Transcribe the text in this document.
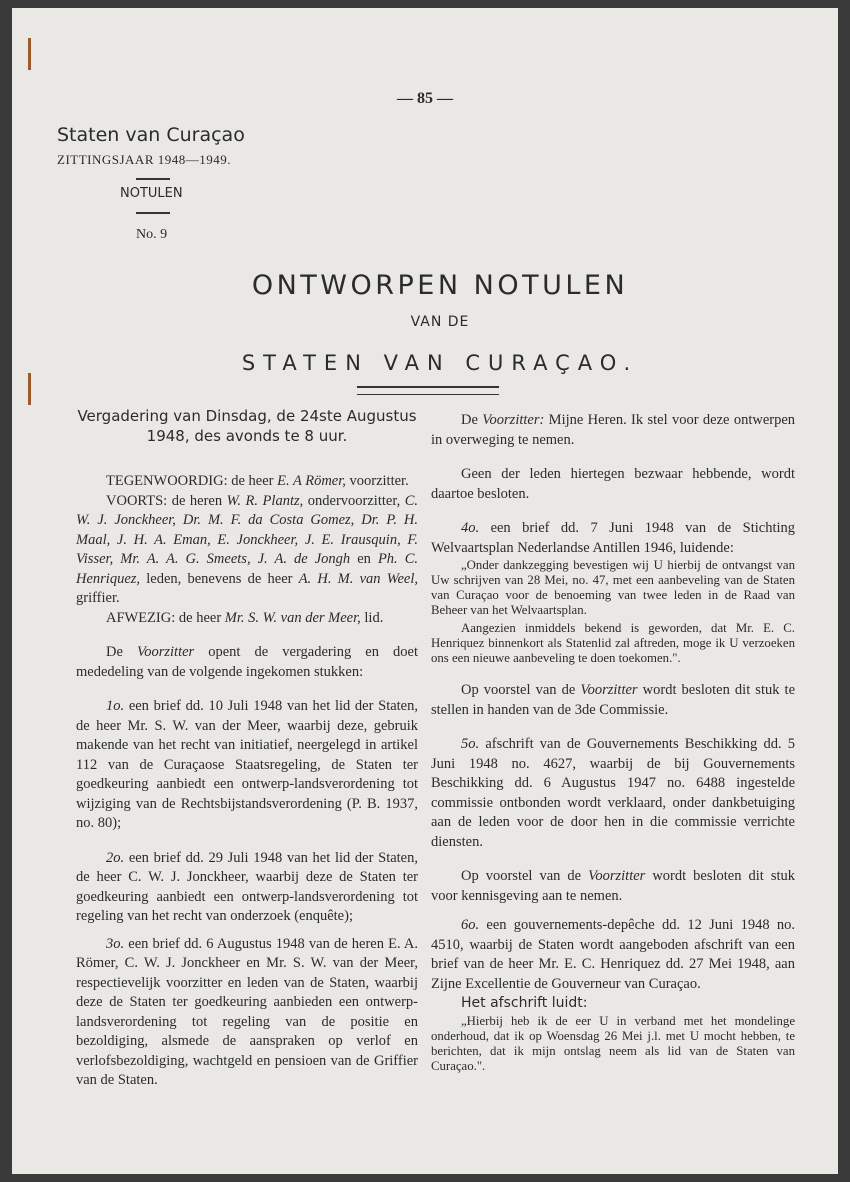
— 85 —
Staten van Curaçao
ZITTINGSJAAR 1948—1949.
NOTULEN
No. 9
ONTWORPEN NOTULEN
VAN DE
STATEN VAN CURAÇAO.

Vergadering van Dinsdag, de 24ste Augustus 1948, des avonds te 8 uur.

TEGENWOORDIG: de heer E. A Römer, voorzitter.

VOORTS: de heren W. R. Plantz, ondervoorzitter, C. W. J. Jonckheer, Dr. M. F. da Costa Gomez, Dr. P. H. Maal, J. H. A. Eman, E. Jonckheer, J. E. Irausquin, F. Visser, Mr. A. A. G. Smeets, J. A. de Jongh en Ph. C. Henriquez, leden, benevens de heer A. H. M. van Weel, griffier.

AFWEZIG: de heer Mr. S. W. van der Meer, lid.

De Voorzitter opent de vergadering en doet mededeling van de volgende ingekomen stukken:

1o. een brief dd. 10 Juli 1948 van het lid der Staten, de heer Mr. S. W. van der Meer, waarbij deze, gebruik makende van het recht van initiatief, neergelegd in artikel 112 van de Curaçaose Staatsregeling, de Staten ter goedkeuring aanbiedt een ontwerp-landsverordening tot wijziging van de Rechtsbijstandsverordening (P. B. 1937, no. 80);

2o. een brief dd. 29 Juli 1948 van het lid der Staten, de heer C. W. J. Jonckheer, waarbij deze de Staten ter goedkeuring aanbiedt een ontwerp-landsverordening tot regeling van het recht van onderzoek (enquête);

3o. een brief dd. 6 Augustus 1948 van de heren E. A. Römer, C. W. J. Jonckheer en Mr. S. W. van der Meer, respectievelijk voorzitter en leden van de Staten, waarbij deze de Staten ter goedkeuring aanbieden een ontwerp-landsverordening tot regeling van de positie en bezoldiging, alsmede de aanspraken op verlof en verlofsbezoldiging, wachtgeld en pensioen van de Griffier van de Staten.

De Voorzitter: Mijne Heren. Ik stel voor deze ontwerpen in overweging te nemen.

Geen der leden hiertegen bezwaar hebbende, wordt daartoe besloten.

4o. een brief dd. 7 Juni 1948 van de Stichting Welvaartsplan Nederlandse Antillen 1946, luidende:

„Onder dankzegging bevestigen wij U hierbij de ontvangst van Uw schrijven van 28 Mei, no. 47, met een aanbeveling van de Staten van Curaçao voor de benoeming van twee leden in de Raad van Beheer van het Welvaartsplan.

Aangezien inmiddels bekend is geworden, dat Mr. E. C. Henriquez binnenkort als Statenlid zal aftreden, moge ik U verzoeken ons een nieuwe aanbeveling te doen toekomen.".

Op voorstel van de Voorzitter wordt besloten dit stuk te stellen in handen van de 3de Commissie.

5o. afschrift van de Gouvernements Beschikking dd. 5 Juni 1948 no. 4627, waarbij de bij Gouvernements Beschikking dd. 6 Augustus 1947 no. 6488 ingestelde commissie ontbonden wordt verklaard, onder dankbetuiging aan de leden voor de door hen in die commissie verrichte diensten.

Op voorstel van de Voorzitter wordt besloten dit stuk voor kennisgeving aan te nemen.

6o. een gouvernements-depêche dd. 12 Juni 1948 no. 4510, waarbij de Staten wordt aangeboden afschrift van een brief van de heer Mr. E. C. Henriquez dd. 27 Mei 1948, aan Zijne Excellentie de Gouverneur van Curaçao.

Het afschrift luidt:

„Hierbij heb ik de eer U in verband met het mondelinge onderhoud, dat ik op Woensdag 26 Mei j.l. met U mocht hebben, te berichten, dat ik mijn ontslag neem als lid van de Staten van Curaçao.".
